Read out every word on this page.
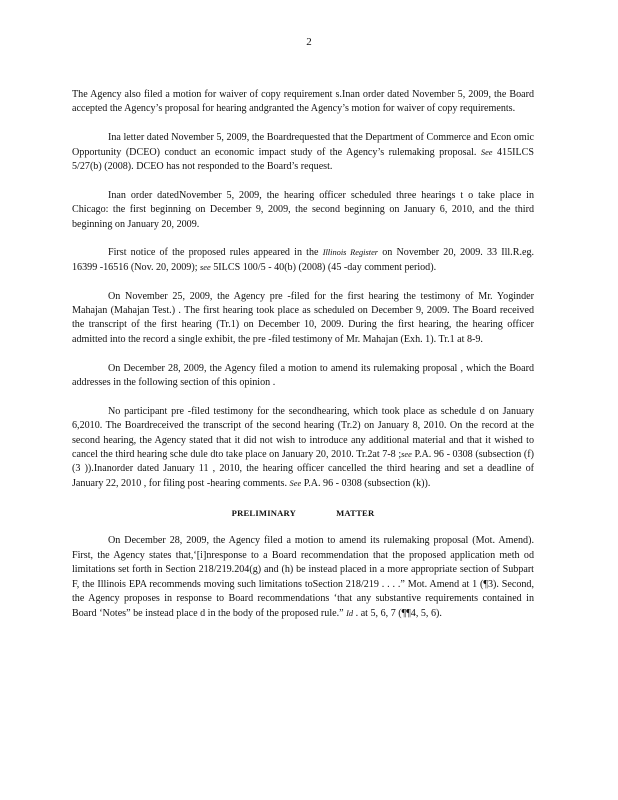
2

The Agency also filed a motion for waiver of copy requirement s.Inan order dated November 5, 2009, the Board accepted the Agency’s proposal for hearing andgranted the Agency’s motion for waiver of copy requirements.

Ina letter dated November 5, 2009, the Boardrequested that the Department of Commerce and Econ omic Opportunity (DCEO) conduct an economic impact study of the Agency’s rulemaking proposal. See 415ILCS 5/27(b) (2008). DCEO has not responded to the Board’s request.

Inan order datedNovember 5, 2009, the hearing officer scheduled three hearings t o take place in Chicago: the first beginning on December 9, 2009, the second beginning on January 6, 2010, and the third beginning on January 20, 2009.

First notice of the proposed rules appeared in the Illinois Register on November 20, 2009. 33 Ill.R.eg. 16399 -16516 (Nov. 20, 2009); see 5ILCS 100/5 - 40(b) (2008) (45 -day comment period).

On November 25, 2009, the Agency pre -filed for the first hearing the testimony of Mr. Yoginder Mahajan (Mahajan Test.) . The first hearing took place as scheduled on December 9, 2009. The Board received the transcript of the first hearing (Tr.1) on December 10, 2009. During the first hearing, the hearing officer admitted into the record a single exhibit, the pre -filed testimony of Mr. Mahajan (Exh. 1). Tr.1 at 8-9.

On December 28, 2009, the Agency filed a motion to amend its rulemaking proposal , which the Board addresses in the following section of this opinion .

No participant pre -filed testimony for the secondhearing, which took place as schedule d on January 6,2010. The Boardreceived the transcript of the second hearing (Tr.2) on January 8, 2010. On the record at the second hearing, the Agency stated that it did not wish to introduce any additional material and that it wished to cancel the third hearing sche dule dto take place on January 20, 2010. Tr.2at 7-8 ;see P.A. 96 - 0308 (subsection (f)(3 )).Inanorder dated January 11 , 2010, the hearing officer cancelled the third hearing and set a deadline of January 22, 2010 , for filing post -hearing comments. See P.A. 96 - 0308 (subsection (k)).

PRELIMINARY	MATTER

On December 28, 2009, the Agency filed a motion to amend its rulemaking proposal (Mot. Amend). First, the Agency states that,‘[i]nresponse to a Board recommendation that the proposed application meth od limitations set forth in Section 218/219.204(g) and (h) be instead placed in a more appropriate section of Subpart F, the Illinois EPA recommends moving such limitations toSection 218/219 . . . .” Mot. Amend at 1 (¶3). Second, the Agency proposes in response to Board recommendations ‘that any substantive requirements contained in Board ‘Notes” be instead place d in the body of the proposed rule.” Id . at 5, 6, 7 (¶¶4, 5, 6).
